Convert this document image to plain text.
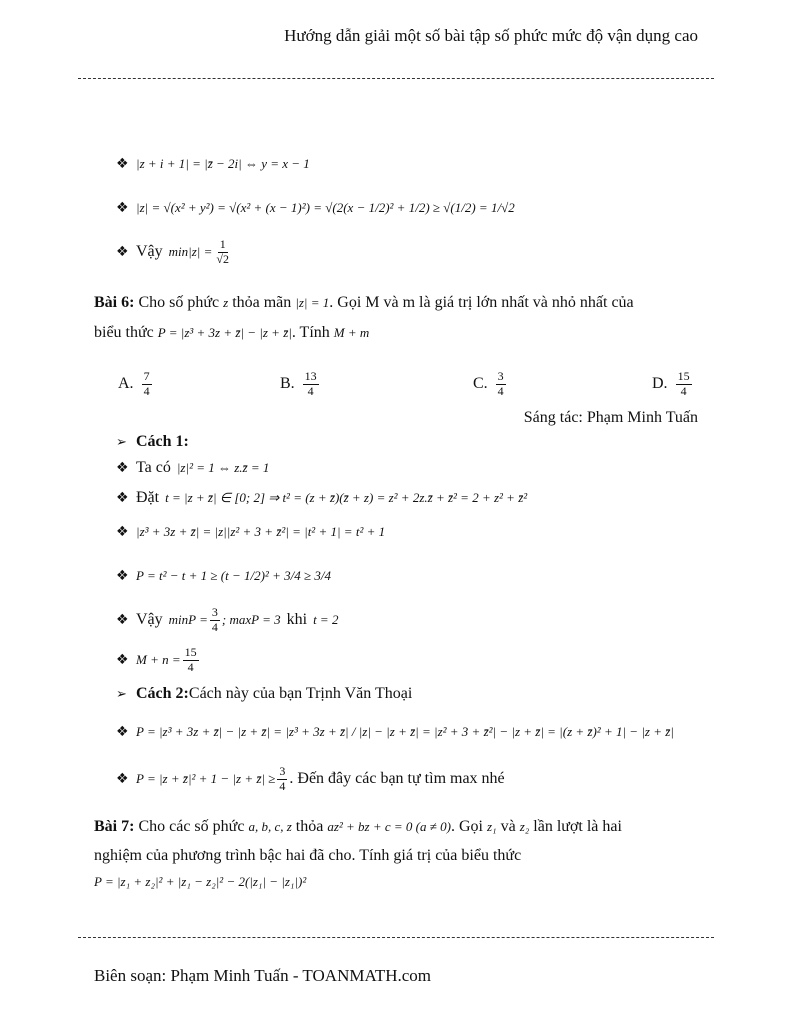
Hướng dẫn giải một số bài tập số phức mức độ vận dụng cao
❖ |z + i + 1| = |z̄ − 2i| ⇔ y = x − 1
❖ |z| = √(x² + y²) = √(x² + (x − 1)²) = √(2(x − 1/2)² + 1/2) ≥ √(1/2) = 1/√2
❖ Vậy $\min|z| = \frac{1}{√2}$
Bài 6: Cho số phức z thỏa mãn |z| = 1. Gọi M và m là giá trị lớn nhất và nhỏ nhất của
biểu thức P = |z³ + 3z + z̄| − |z + z̄|. Tính M + m
A. $\frac{7}{4}$	B. $\frac{13}{4}$	C. $\frac{3}{4}$	D. $\frac{15}{4}$
Sáng tác: Phạm Minh Tuấn
➢ Cách 1:
❖ Ta có |z|² = 1 ⇔ z.z̄ = 1
❖ Đặt t = |z + z̄| ∈ [0; 2] ⇒ t² = (z + z̄)(z̄ + z) = z² + 2z.z̄ + z̄² = 2 + z² + z̄²
❖ |z³ + 3z + z̄| = |z||z² + 3 + z̄²| = |t² + 1| = t² + 1
❖ P = t² − t + 1 ≥ (t − 1/2)² + 3/4 ≥ 3/4
❖ Vậy $\min P = \frac{3}{4}$ ; maxP = 3 khi t = 2
❖ $M + n = \frac{15}{4}$
➢ Cách 2: Cách này của bạn Trịnh Văn Thoại
❖ P = |z³ + 3z + z̄| − |z + z̄| = |z³ + 3z + z̄| / |z| − |z + z̄| = |z² + 3 + z̄²| − |z + z̄| = |(z + z̄)² + 1| − |z + z̄|
❖ P = |z + z̄|² + 1 − |z + z̄| ≥ $\frac{3}{4}$ . Đến đây các bạn tự tìm max nhé
Bài 7: Cho các số phức a, b, c, z thỏa az² + bz + c = 0 (a ≠ 0). Gọi z₁ và z₂ lần lượt là hai
nghiệm của phương trình bậc hai đã cho. Tính giá trị của biểu thức
P = |z₁ + z₂|² + |z₁ − z₂|² − 2(|z₁| − |z₁|)²
Biên soạn: Phạm Minh Tuấn - TOANMATH.com
